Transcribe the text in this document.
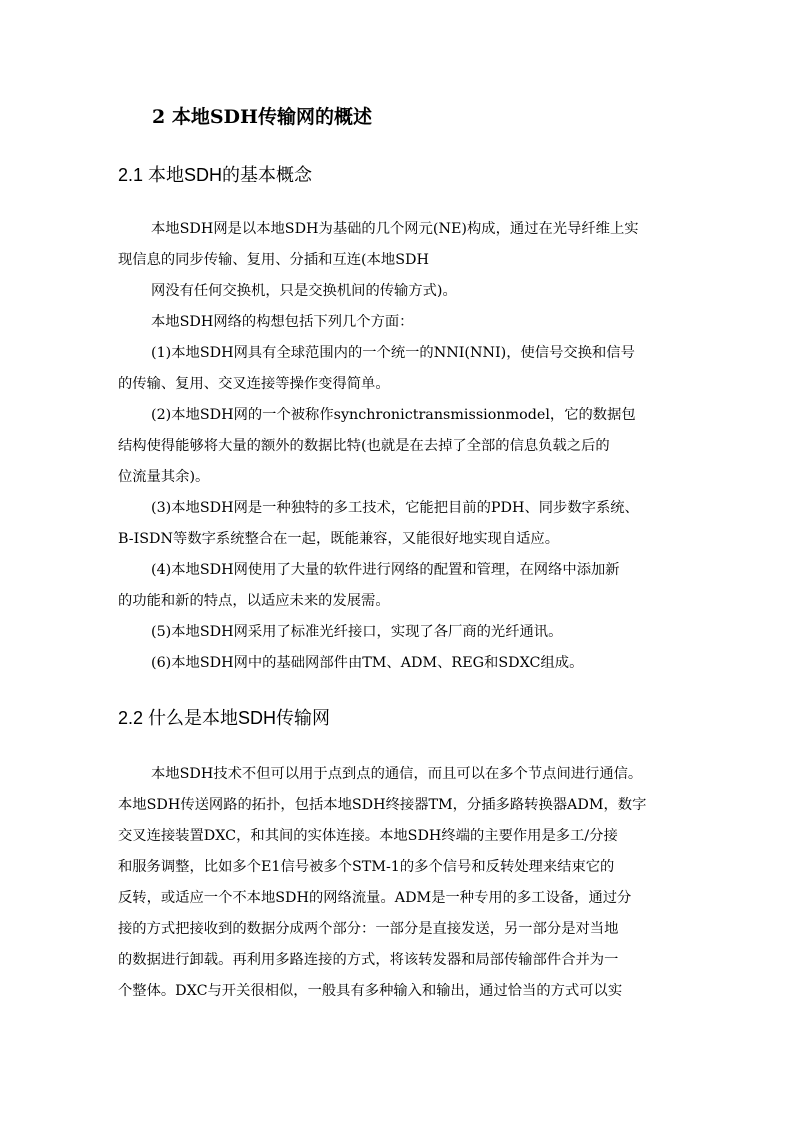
2 本地SDH传输网的概述
2.1 本地SDH的基本概念
本地SDH网是以本地SDH为基础的几个网元(NE)构成，通过在光导纤维上实
现信息的同步传输、复用、分插和互连(本地SDH
网没有任何交换机，只是交换机间的传输方式)。
本地SDH网络的构想包括下列几个方面：
(1)本地SDH网具有全球范围内的一个统一的NNI(NNI)，使信号交换和信号
的传输、复用、交叉连接等操作变得简单。
(2)本地SDH网的一个被称作synchronictransmissionmodel，它的数据包
结构使得能够将大量的额外的数据比特(也就是在去掉了全部的信息负载之后的
位流量其余)。
(3)本地SDH网是一种独特的多工技术，它能把目前的PDH、同步数字系统、
B-ISDN等数字系统整合在一起，既能兼容，又能很好地实现自适应。
(4)本地SDH网使用了大量的软件进行网络的配置和管理，在网络中添加新
的功能和新的特点，以适应未来的发展需。
(5)本地SDH网采用了标准光纤接口，实现了各厂商的光纤通讯。
(6)本地SDH网中的基础网部件由TM、ADM、REG和SDXC组成。
2.2 什么是本地SDH传输网
本地SDH技术不但可以用于点到点的通信，而且可以在多个节点间进行通信。
本地SDH传送网路的拓扑，包括本地SDH终接器TM，分插多路转换器ADM，数字
交叉连接装置DXC，和其间的实体连接。本地SDH终端的主要作用是多工/分接
和服务调整，比如多个E1信号被多个STM-1的多个信号和反转处理来结束它的
反转，或适应一个不本地SDH的网络流量。ADM是一种专用的多工设备，通过分
接的方式把接收到的数据分成两个部分：一部分是直接发送，另一部分是对当地
的数据进行卸载。再利用多路连接的方式，将该转发器和局部传输部件合并为一
个整体。DXC与开关很相似，一般具有多种输入和输出，通过恰当的方式可以实
